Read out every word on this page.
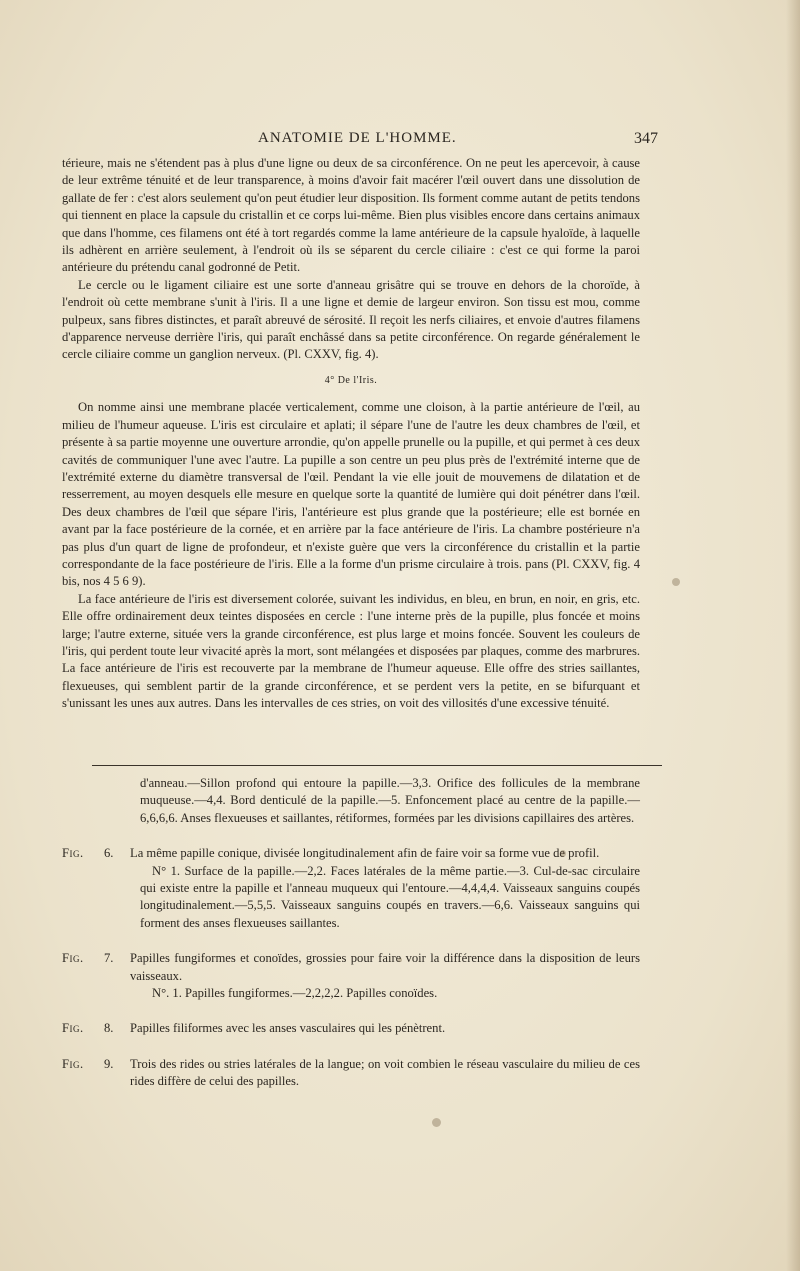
ANATOMIE DE L'HOMME.	347

térieure, mais ne s'étendent pas à plus d'une ligne ou deux de sa circonférence. On ne peut les apercevoir, à cause de leur extrême ténuité et de leur transparence, à moins d'avoir fait macérer l'œil ouvert dans une dissolution de gallate de fer : c'est alors seulement qu'on peut étudier leur disposition. Ils forment comme autant de petits tendons qui tiennent en place la capsule du cristallin et ce corps lui-même. Bien plus visibles encore dans certains animaux que dans l'homme, ces filamens ont été à tort regardés comme la lame antérieure de la capsule hyaloïde, à laquelle ils adhèrent en arrière seulement, à l'endroit où ils se séparent du cercle ciliaire : c'est ce qui forme la paroi antérieure du prétendu canal godronné de Petit.

Le cercle ou le ligament ciliaire est une sorte d'anneau grisâtre qui se trouve en dehors de la choroïde, à l'endroit où cette membrane s'unit à l'iris. Il a une ligne et demie de largeur environ. Son tissu est mou, comme pulpeux, sans fibres distinctes, et paraît abreuvé de sérosité. Il reçoit les nerfs ciliaires, et envoie d'autres filamens d'apparence nerveuse derrière l'iris, qui paraît enchâssé dans sa petite circonférence. On regarde généralement le cercle ciliaire comme un ganglion nerveux. (Pl. CXXV, fig. 4).

4° De l'Iris.

On nomme ainsi une membrane placée verticalement, comme une cloison, à la partie antérieure de l'œil, au milieu de l'humeur aqueuse. L'iris est circulaire et aplati; il sépare l'une de l'autre les deux chambres de l'œil, et présente à sa partie moyenne une ouverture arrondie, qu'on appelle prunelle ou la pupille, et qui permet à ces deux cavités de communiquer l'une avec l'autre. La pupille a son centre un peu plus près de l'extrémité interne que de l'extrémité externe du diamètre transversal de l'œil. Pendant la vie elle jouit de mouvemens de dilatation et de resserrement, au moyen desquels elle mesure en quelque sorte la quantité de lumière qui doit pénétrer dans l'œil. Des deux chambres de l'œil que sépare l'iris, l'antérieure est plus grande que la postérieure; elle est bornée en avant par la face postérieure de la cornée, et en arrière par la face antérieure de l'iris. La chambre postérieure n'a pas plus d'un quart de ligne de profondeur, et n'existe guère que vers la circonférence du cristallin et la partie correspondante de la face postérieure de l'iris. Elle a la forme d'un prisme circulaire à trois. pans (Pl. CXXV, fig. 4 bis, nos 4 5 6 9).

La face antérieure de l'iris est diversement colorée, suivant les individus, en bleu, en brun, en noir, en gris, etc. Elle offre ordinairement deux teintes disposées en cercle : l'une interne près de la pupille, plus foncée et moins large; l'autre externe, située vers la grande circonférence, est plus large et moins foncée. Souvent les couleurs de l'iris, qui perdent toute leur vivacité après la mort, sont mélangées et disposées par plaques, comme des marbrures. La face antérieure de l'iris est recouverte par la membrane de l'humeur aqueuse. Elle offre des stries saillantes, flexueuses, qui semblent partir de la grande circonférence, et se perdent vers la petite, en se bifurquant et s'unissant les unes aux autres. Dans les intervalles de ces stries, on voit des villosités d'une excessive ténuité.

d'anneau.—Sillon profond qui entoure la papille.—3,3. Orifice des follicules de la membrane muqueuse.—4,4. Bord denticulé de la papille.—5. Enfoncement placé au centre de la papille.—6,6,6,6. Anses flexueuses et saillantes, rétiformes, formées par les divisions capillaires des artères.

Fig. 6. La même papille conique, divisée longitudinalement afin de faire voir sa forme vue de profil.
N° 1. Surface de la papille.—2,2. Faces latérales de la même partie.—3. Cul-de-sac circulaire qui existe entre la papille et l'anneau muqueux qui l'entoure.—4,4,4,4. Vaisseaux sanguins coupés longitudinalement.—5,5,5. Vaisseaux sanguins coupés en travers.—6,6. Vaisseaux sanguins qui forment des anses flexueuses saillantes.
Fig. 7. Papilles fungiformes et conoïdes, grossies pour faire voir la différence dans la disposition de leurs vaisseaux.
N°. 1. Papilles fungiformes.—2,2,2,2. Papilles conoïdes.
Fig. 8. Papilles filiformes avec les anses vasculaires qui les pénètrent.
Fig. 9. Trois des rides ou stries latérales de la langue; on voit combien le réseau vasculaire du milieu de ces rides diffère de celui des papilles.
